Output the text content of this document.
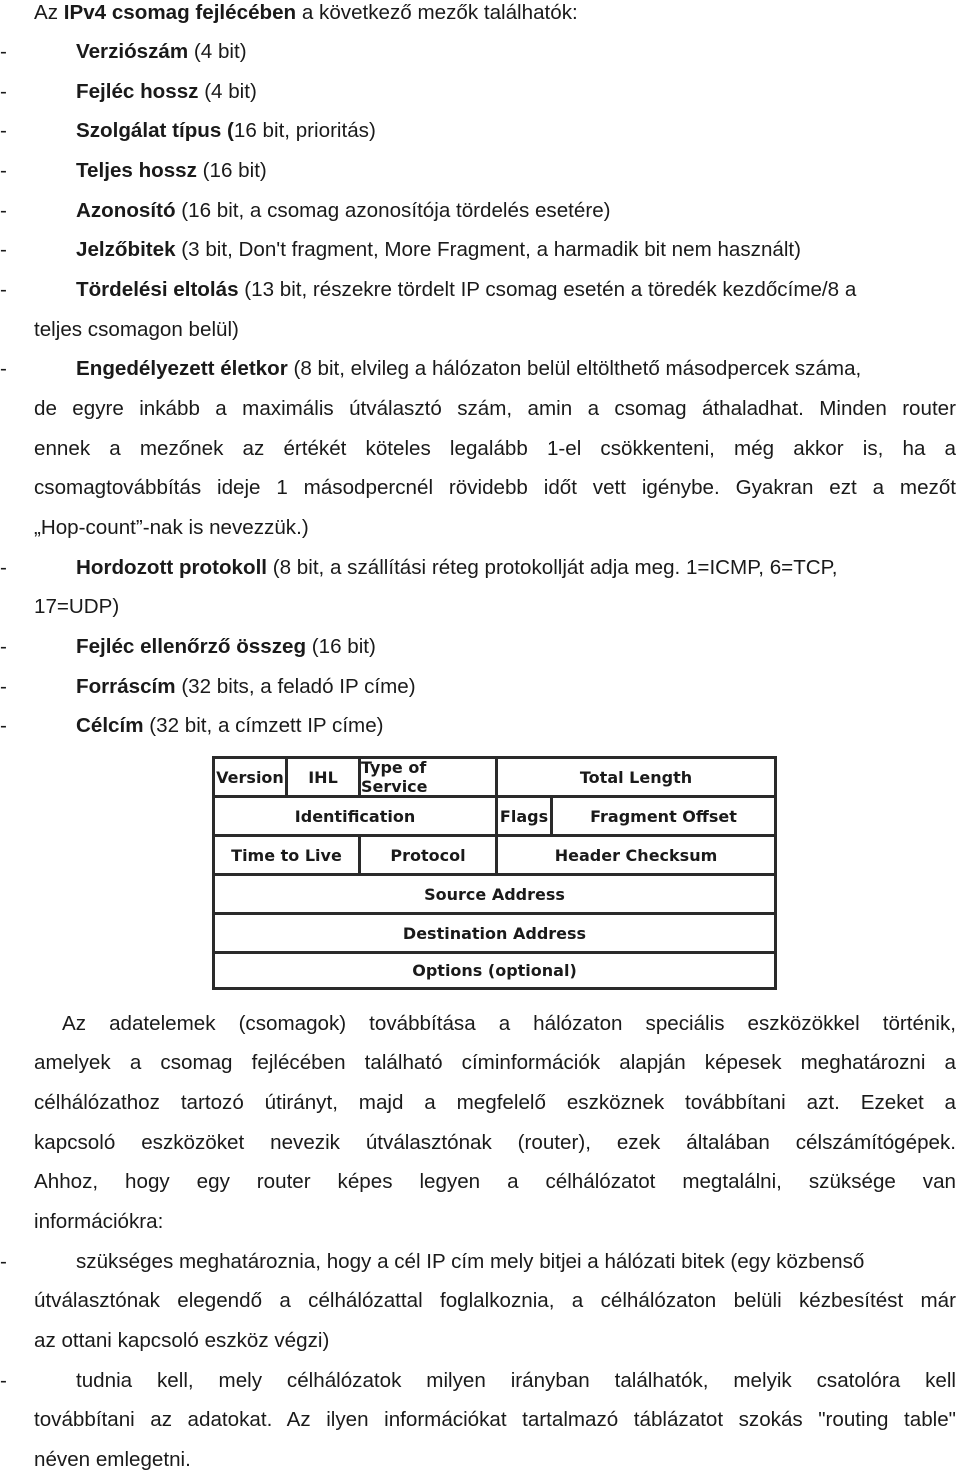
Az IPv4 csomag fejlécében a következő mezők találhatók:
-	Verziószám (4 bit)
-	Fejléc hossz (4 bit)
-	Szolgálat típus (16 bit, prioritás)
-	Teljes hossz (16 bit)
-	Azonosító (16 bit, a csomag azonosítója tördelés esetére)
-	Jelzőbitek (3 bit, Don't fragment, More Fragment, a harmadik bit nem használt)
-	Tördelési eltolás (13 bit, részekre tördelt IP csomag esetén a töredék kezdőcíme/8 a
teljes csomagon belül)
-	Engedélyezett életkor (8 bit, elvileg a hálózaton belül eltölthető másodpercek száma,
de egyre inkább a maximális útválasztó szám, amin a csomag áthaladhat. Minden router
ennek a mezőnek az értékét köteles legalább 1-el csökkenteni, még akkor is, ha a
csomagtovábbítás ideje 1 másodpercnél rövidebb időt vett igénybe. Gyakran ezt a mezőt
„Hop-count”-nak is nevezzük.)
-	Hordozott protokoll (8 bit, a szállítási réteg protokollját adja meg. 1=ICMP, 6=TCP,
17=UDP)
-	Fejléc ellenőrző összeg (16 bit)
-	Forráscím (32 bits, a feladó IP címe)
-	Célcím (32 bit, a címzett IP címe)
Version	IHL	Type of Service	Total Length
Identification	Flags	Fragment Offset
Time to Live	Protocol	Header Checksum
Source Address
Destination Address
Options (optional)
Az adatelemek (csomagok) továbbítása a hálózaton speciális eszközökkel történik,
amelyek a csomag fejlécében található címinformációk alapján képesek meghatározni a
célhálózathoz tartozó útirányt, majd a megfelelő eszköznek továbbítani azt. Ezeket a
kapcsoló eszközöket nevezik útválasztónak (router), ezek általában célszámítógépek.
Ahhoz, hogy egy router képes legyen a célhálózatot megtalálni, szüksége van
információkra:
-	szükséges meghatároznia, hogy a cél IP cím mely bitjei a hálózati bitek (egy közbenső
útválasztónak elegendő a célhálózattal foglalkoznia, a célhálózaton belüli kézbesítést már
az ottani kapcsoló eszköz végzi)
-	tudnia kell, mely célhálózatok milyen irányban találhatók, melyik csatolóra kell
továbbítani az adatokat. Az ilyen információkat tartalmazó táblázatot szokás "routing table"
néven emlegetni.
